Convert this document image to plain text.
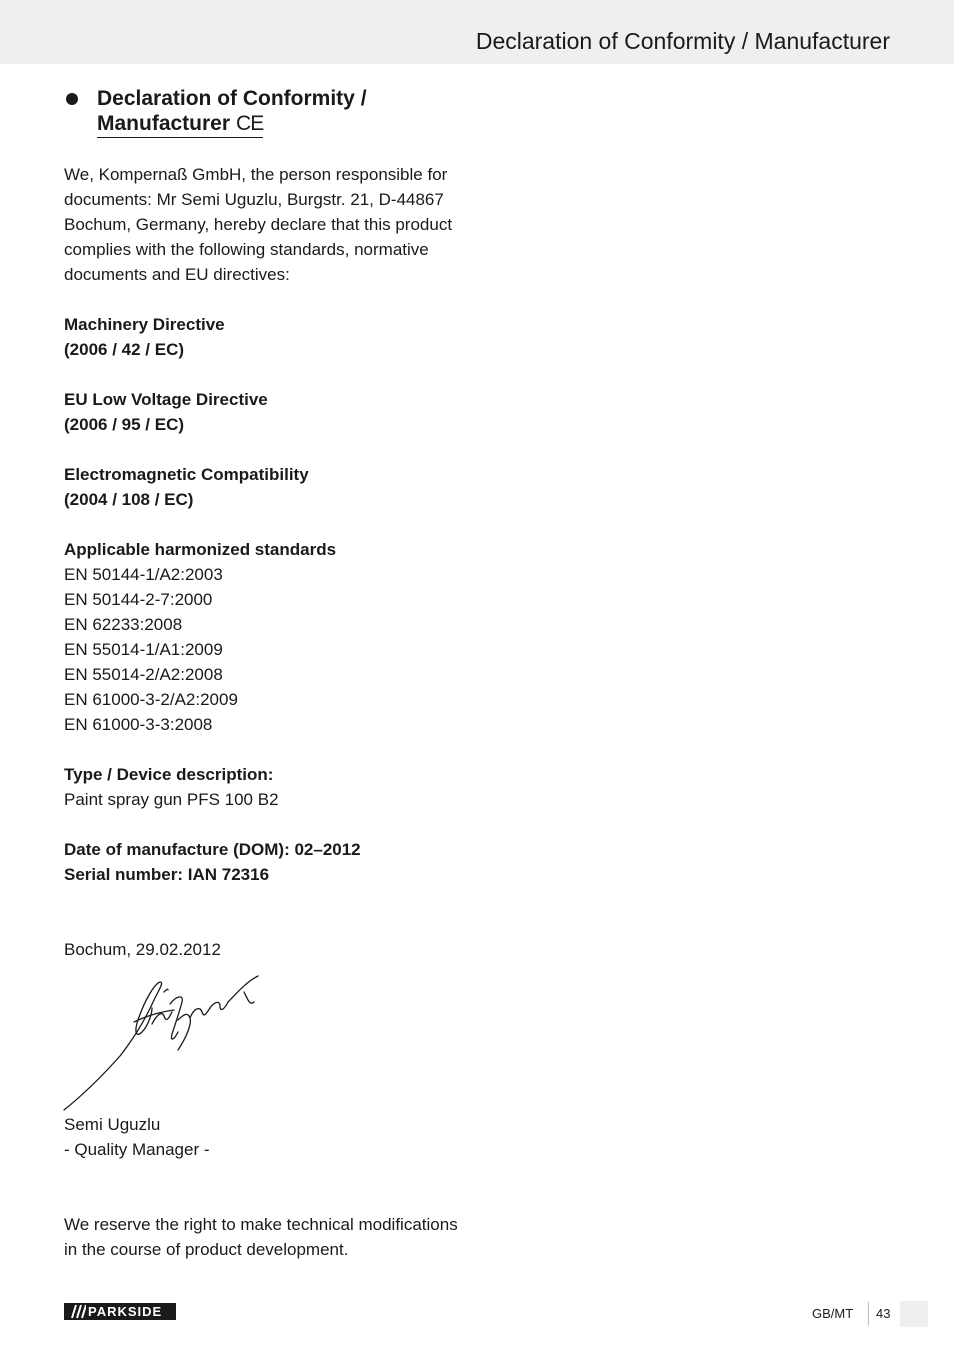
Declaration of Conformity / Manufacturer
Declaration of Conformity /
Manufacturer CE
We, Kompernaß GmbH, the person responsible for
documents: Mr Semi Uguzlu, Burgstr. 21, D-44867
Bochum, Germany, hereby declare that this product
complies with the following standards, normative
documents and EU directives:
Machinery Directive
(2006 / 42 / EC)
EU Low Voltage Directive
(2006 / 95 / EC)
Electromagnetic Compatibility
(2004 / 108 / EC)
Applicable harmonized standards
EN 50144-1/A2:2003
EN 50144-2-7:2000
EN 62233:2008
EN 55014-1/A1:2009
EN 55014-2/A2:2008
EN 61000-3-2/A2:2009
EN 61000-3-3:2008
Type / Device description:
Paint spray gun PFS 100 B2
Date of manufacture (DOM): 02–2012
Serial number: IAN 72316
Bochum, 29.02.2012
Semi Uguzlu
- Quality Manager -
We reserve the right to make technical modifications
in the course of product development.
PARKSIDE	GB/MT 43
